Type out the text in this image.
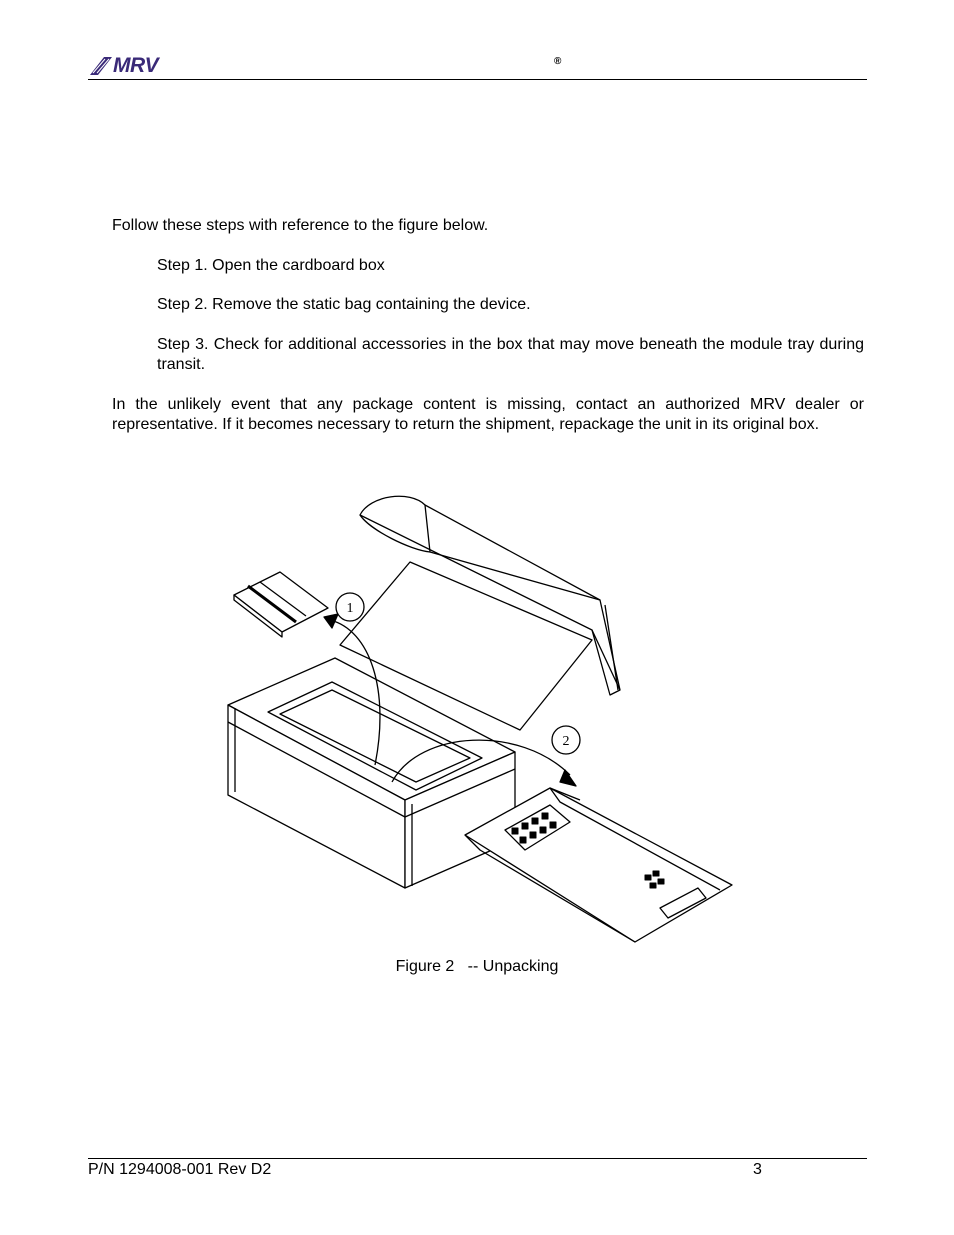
MRV	®
Follow these steps with reference to the figure below.
Step 1. Open the cardboard box
Step 2. Remove the static bag containing the device.
Step 3. Check for additional accessories in the box that may move beneath the module tray during transit.
In the unlikely event that any package content is missing, contact an authorized MRV dealer or representative. If it becomes necessary to return the shipment, repackage the unit in its original box.
1
2
Figure 2   -- Unpacking
P/N 1294008-001 Rev D2	3
